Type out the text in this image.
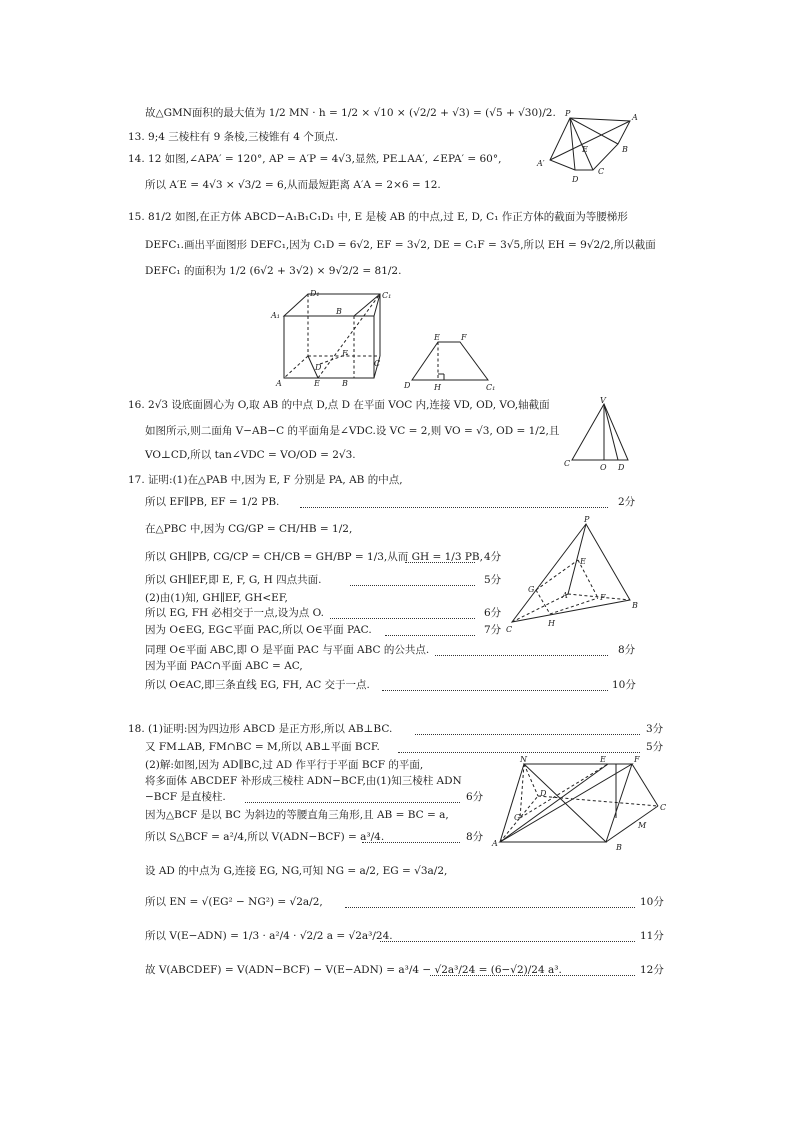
故△GMN面积的最大值为 1/2 MN · h = 1/2 × √10 × (√2/2 + √3) = (√5 + √30)/2.
13. 9;4 三棱柱有 9 条棱,三棱锥有 4 个顶点.
14. 12 如图,∠APA′ = 120°, AP = A′P = 4√3,显然, PE⊥AA′, ∠EPA′ = 60°,
所以 A′E = 4√3 × √3/2 = 6,从而最短距离 A′A = 2×6 = 12.
15. 81/2 如图,在正方体 ABCD−A₁B₁C₁D₁ 中, E 是棱 AB 的中点,过 E, D, C₁ 作正方体的截面为等腰梯形
DEFC₁.画出平面图形 DEFC₁,因为 C₁D = 6√2, EF = 3√2, DE = C₁F = 3√5,所以 EH = 9√2/2,所以截面
DEFC₁ 的面积为 1/2 (6√2 + 3√2) × 9√2/2 = 81/2.
16. 2√3 设底面圆心为 O,取 AB 的中点 D,点 D 在平面 VOC 内,连接 VD, OD, VO,轴截面
如图所示,则二面角 V−AB−C 的平面角是∠VDC.设 VC = 2,则 VO = √3, OD = 1/2,且
VO⊥CD,所以 tan∠VDC = VO/OD = 2√3.
17. 证明:(1)在△PAB 中,因为 E, F 分别是 PA, AB 的中点,
所以 EF∥PB, EF = 1/2 PB.	2分
在△PBC 中,因为 CG/GP = CH/HB = 1/2,
所以 GH∥PB, CG/CP = CH/CB = GH/BP = 1/3,从而 GH = 1/3 PB, 4分
所以 GH∥EF,即 E, F, G, H 四点共面.	5分
(2)由(1)知, GH∥EF, GH<EF,
所以 EG, FH 必相交于一点,设为点 O.	6分
因为 O∈EG, EG⊂平面 PAC,所以 O∈平面 PAC.	7分
同理 O∈平面 ABC,即 O 是平面 PAC 与平面 ABC 的公共点.	8分
因为平面 PAC∩平面 ABC = AC,
所以 O∈AC,即三条直线 EG, FH, AC 交于一点.	10分
18. (1)证明:因为四边形 ABCD 是正方形,所以 AB⊥BC.	3分
又 FM⊥AB, FM∩BC = M,所以 AB⊥平面 BCF.	5分
(2)解:如图,因为 AD∥BC,过 AD 作平行于平面 BCF 的平面,
将多面体 ABCDEF 补形成三棱柱 ADN−BCF,由(1)知三棱柱 ADN
−BCF 是直棱柱.	6分
因为△BCF 是以 BC 为斜边的等腰直角三角形,且 AB = BC = a,
所以 S△BCF = a²/4,所以 V(ADN−BCF) = a³/4.	8分
设 AD 的中点为 G,连接 EG, NG,可知 NG = a/2, EG = √3a/2,
所以 EN = √(EG² − NG²) = √2a/2,	10分
所以 V(E−ADN) = 1/3 · a²/4 · √2/2 a = √2a³/24.	11分
故 V(ABCDEF) = V(ADN−BCF) − V(E−ADN) = a³/4 − √2a³/24 = (6−√2)/24 a³.	12分
P	A
E	B
A′
D
C
D₁	C₁
A₁	B
F
D	C
A	E	B
E	F
D	H	C₁
V
C	O D
P
E
G
A	F
B
C
H
N	E	F
D
G
C
M
A	B
